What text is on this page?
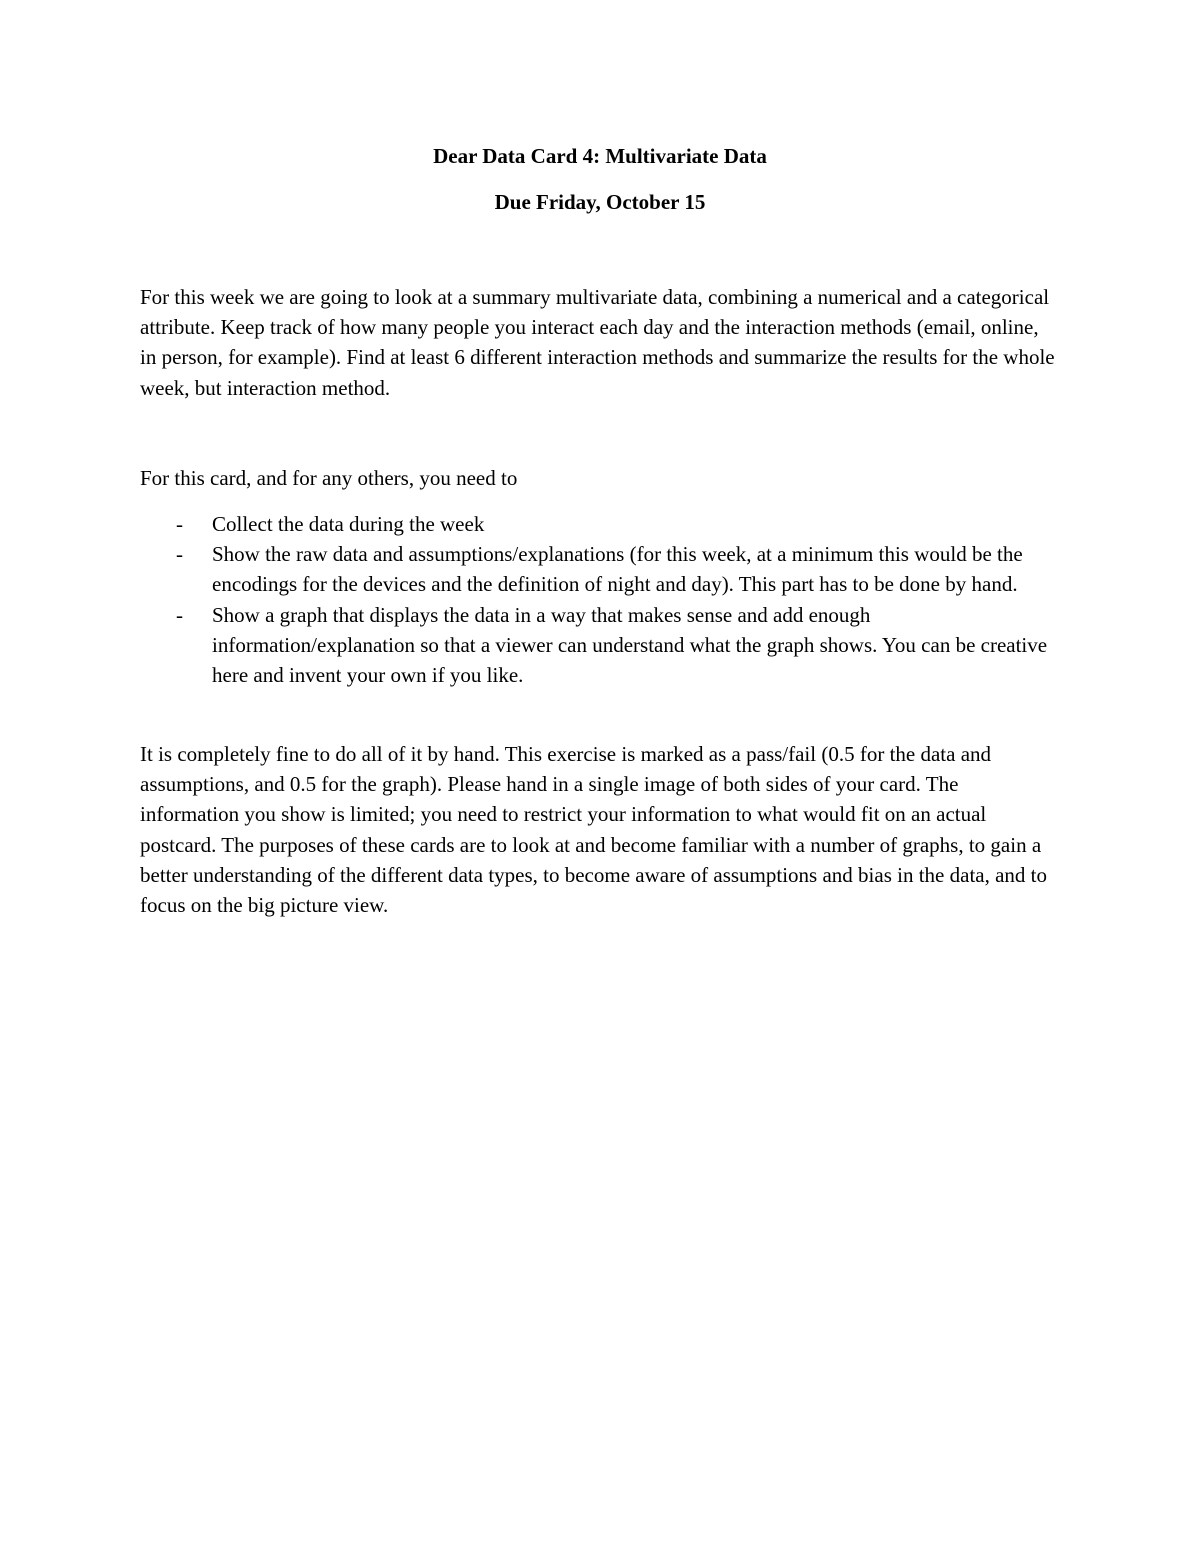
Dear Data Card 4: Multivariate Data
Due Friday, October 15

For this week we are going to look at a summary multivariate data, combining a numerical and a categorical attribute. Keep track of how many people you interact each day and the interaction methods (email, online, in person, for example). Find at least 6 different interaction methods and summarize the results for the whole week, but interaction method.

For this card, and for any others, you need to

- Collect the data during the week
- Show the raw data and assumptions/explanations (for this week, at a minimum this would be the encodings for the devices and the definition of night and day). This part has to be done by hand.
- Show a graph that displays the data in a way that makes sense and add enough information/explanation so that a viewer can understand what the graph shows. You can be creative here and invent your own if you like.

It is completely fine to do all of it by hand. This exercise is marked as a pass/fail (0.5 for the data and assumptions, and 0.5 for the graph). Please hand in a single image of both sides of your card. The information you show is limited; you need to restrict your information to what would fit on an actual postcard. The purposes of these cards are to look at and become familiar with a number of graphs, to gain a better understanding of the different data types, to become aware of assumptions and bias in the data, and to focus on the big picture view.
